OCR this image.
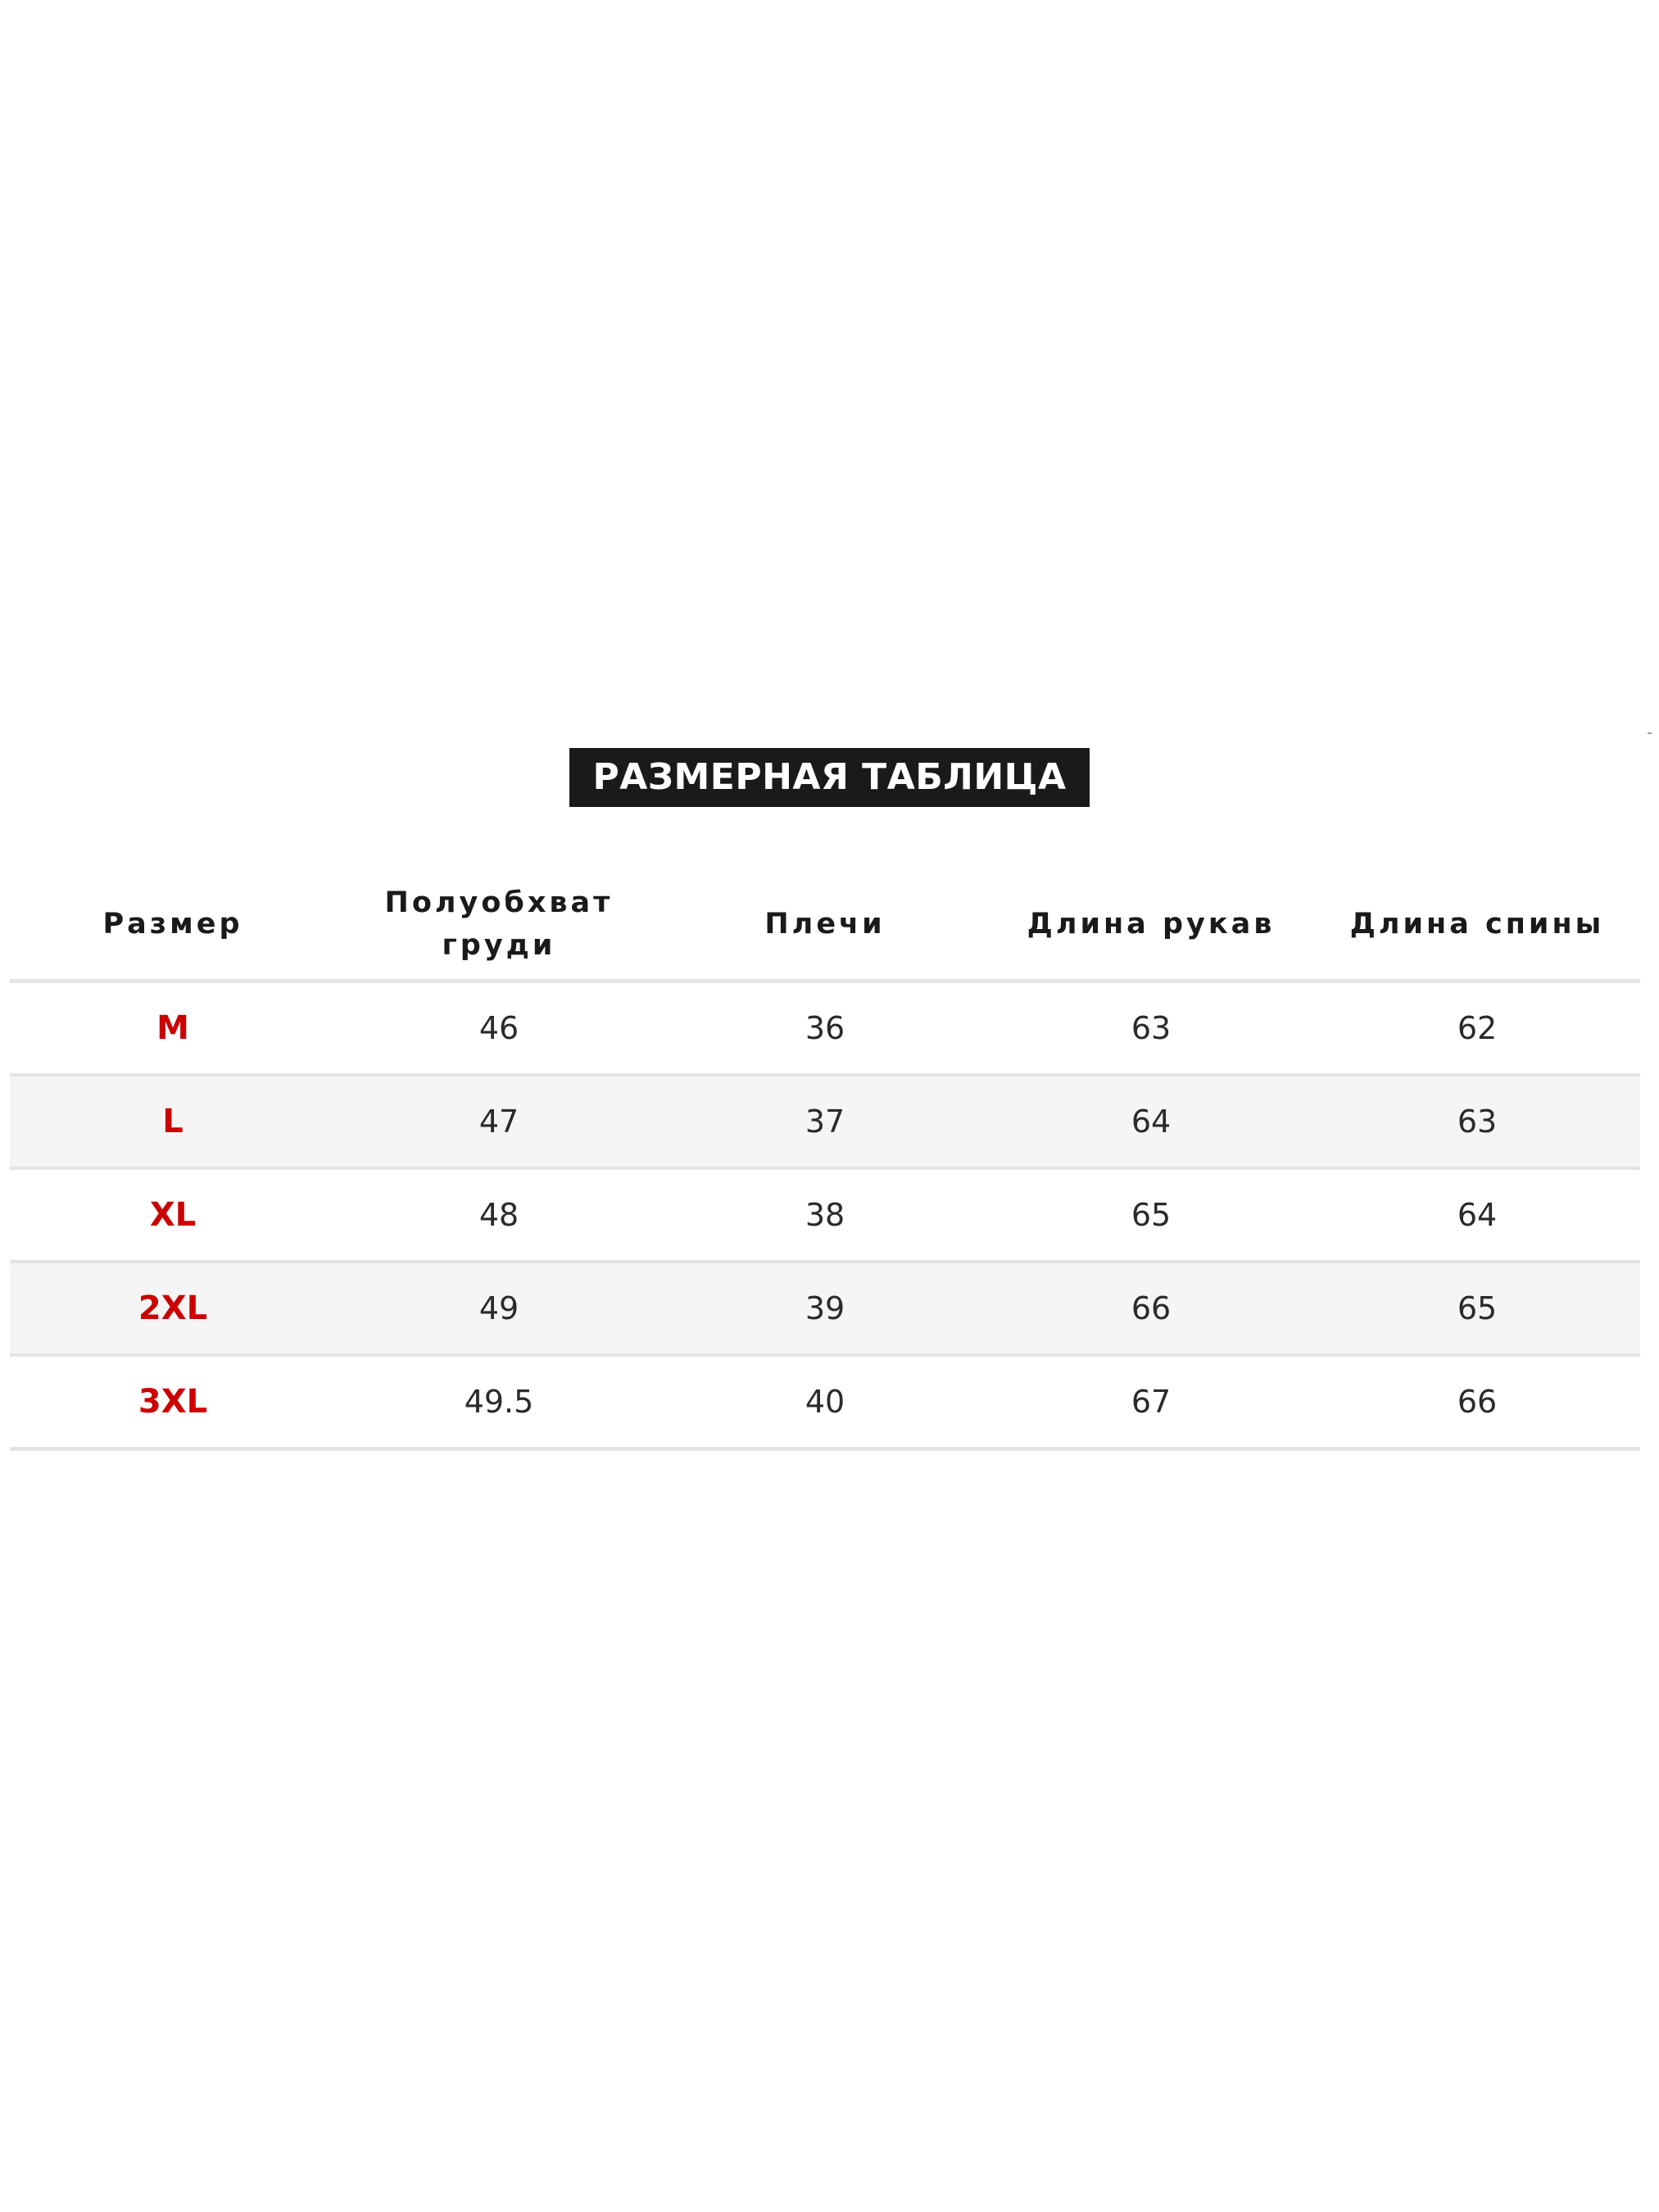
РАЗМЕРНАЯ ТАБЛИЦА
Размер	Полуобхват груди	Плечи	Длина рукав	Длина спины
M	46	36	63	62
L	47	37	64	63
XL	48	38	65	64
2XL	49	39	66	65
3XL	49.5	40	67	66
